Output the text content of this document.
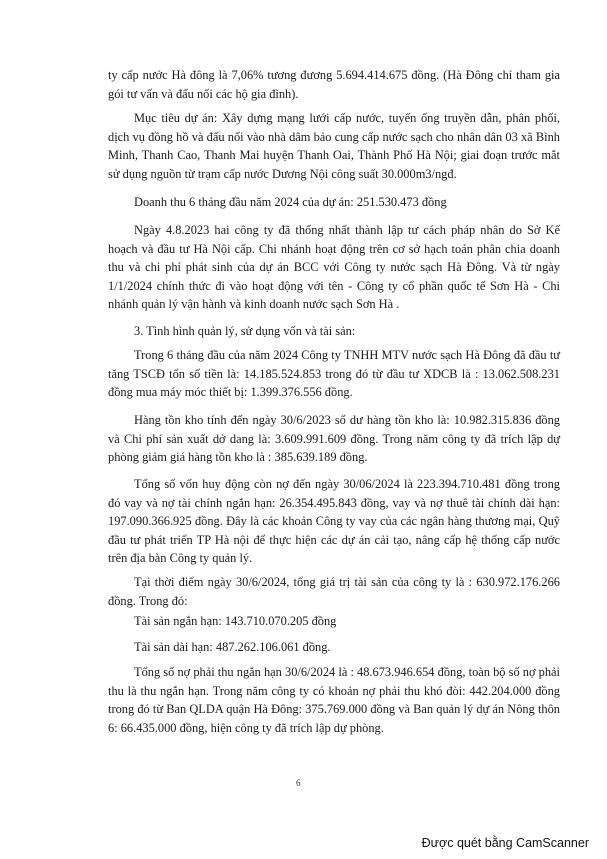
ty cấp nước Hà đông là 7,06% tương đương 5.694.414.675 đồng. (Hà Đông chỉ tham gia gói tư vấn và đấu nối các hộ gia đình).

Mục tiêu dự án: Xây dựng mạng lưới cấp nước, tuyến ống truyền dẫn, phân phối, dịch vụ đồng hồ và đấu nối vào nhà dâm bảo cung cấp nước sạch cho nhân dân 03 xã Bình Minh, Thanh Cao, Thanh Mai huyện Thanh Oai, Thành Phố Hà Nội; giai đoạn trước mắt sử dụng nguồn từ trạm cấp nước Dương Nội công suất 30.000m3/ngđ.

Doanh thu 6 tháng đầu năm 2024 của dự án: 251.530.473 đồng

Ngày 4.8.2023 hai công ty đã thống nhất thành lập tư cách pháp nhân do Sở Kế hoạch và đầu tư Hà Nội cấp. Chi nhánh hoạt động trên cơ sở hạch toán phân chia doanh thu và chi phí phát sinh của dự án BCC với Công ty nước sạch Hà Đông. Và từ ngày 1/1/2024 chính thức đi vào hoạt động với tên - Công ty cổ phần quốc tế Sơn Hà - Chi nhánh quản lý vận hành và kinh doanh nước sạch Sơn Hà .

3. Tình hình quản lý, sử dụng vốn và tài sản:

Trong 6 tháng đầu của năm 2024 Công ty TNHH MTV nước sạch Hà Đông đã đầu tư tăng TSCĐ tổn số tiền là: 14.185.524.853 trong đó từ đầu tư XDCB là : 13.062.508.231 đồng mua máy móc thiết bị: 1.399.376.556 đồng.

Hàng tồn kho tính đến ngày 30/6/2023 số dư hàng tồn kho là: 10.982.315.836 đồng và Chi phí sản xuất dở dang là: 3.609.991.609 đồng. Trong năm công ty đã trích lập dự phòng giảm giá hàng tồn kho là : 385.639.189 đồng.

Tổng số vốn huy động còn nợ đến ngày 30/06/2024 là 223.394.710.481 đồng trong đó vay và nợ tài chính ngắn hạn: 26.354.495.843 đồng, vay và nợ thuê tài chính dài hạn: 197.090.366.925 đồng. Đây là các khoản Công ty vay của các ngân hàng thương mại, Quỹ đầu tư phát triển TP Hà nội để thực hiện các dự án cải tạo, nâng cấp hệ thống cấp nước trên địa bàn Công ty quản lý.

Tại thời điểm ngày 30/6/2024, tổng giá trị tài sản của công ty là : 630.972.176.266 đồng. Trong đó:

Tài sản ngắn hạn: 143.710.070.205 đồng

Tài sản dài hạn: 487.262.106.061 đồng.

Tổng số nợ phải thu ngắn hạn 30/6/2024 là : 48.673.946.654 đồng, toàn bộ số nợ phải thu là thu ngắn hạn. Trong năm công ty có khoản nợ phải thu khó đòi: 442.204.000 đồng trong đó từ Ban QLDA quận Hà Đông: 375.769.000 đồng và Ban quản lý dự án Nông thôn 6: 66.435.000 đồng, hiện công ty đã trích lập dự phòng.

6
Được quét bằng CamScanner
